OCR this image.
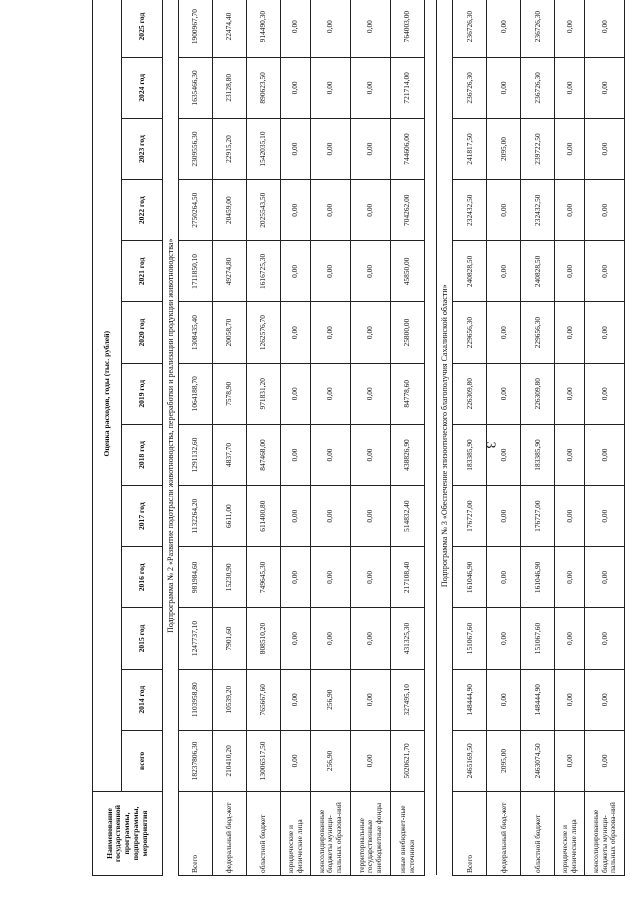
3
Наименование государственной программы, подпрограммы, мероприятия	Оценка расходов, годы (тыс. рублей)												
	всего	2014 год	2015 год	2016 год	2017 год	2018 год	2019 год	2020 год	2021 год	2022 год	2023 год	2024 год	2025 год
Подпрограмма № 2 «Развитие подотрасли животноводства, переработки и реализации продукции животноводства»													
Всего	18237806,30	1103958,80	1247737,10	981984,60	1132264,20	1291132,60	1064188,70	1308435,40	1711850,10	2750264,50	2309556,30	1635466,30	1900967,70
федеральный бюд-жет	210410,20	10539,20	7901,60	15230,90	6611,00	4837,70	7578,90	20058,70	49274,80	20459,00	22915,20	23128,80	22474,40
областной бюджет	13006517,50	765667,60	808510,20	749645,30	611400,80	847468,00	971831,20	1262576,70	1616725,30	2025543,50	1542035,10	890623,50	914490,30
юридические и физические лица	0,00	0,00	0,00	0,00	0,00	0,00	0,00	0,00	0,00	0,00	0,00	0,00	0,00
консолидированные бюджеты муници-пальных образова-ний	256,90	256,90	0,00	0,00	0,00	0,00	0,00	0,00	0,00	0,00	0,00	0,00	0,00
территориальные государственные внебюджетные фонды	0,00	0,00	0,00	0,00	0,00	0,00	0,00	0,00	0,00	0,00	0,00	0,00	0,00
иные внебюджет-ные источники	5020621,70	327495,10	431325,30	217108,40	514832,40	438826,90	84778,60	25800,00	45850,00	704262,00	744606,00	721714,00	764003,00

Подпрограмма № 3 «Обеспечение эпизоотического благополучия Сахалинской области»													
Всего	2465169,50	148444,90	151067,60	161046,90	176727,00	183385,90	226309,80	229656,30	240828,50	232432,50	241817,50	236726,30	236726,30
федеральный бюд-жет	2095,00	0,00	0,00	0,00	0,00	0,00	0,00	0,00	0,00	0,00	2095,00	0,00	0,00
областной бюджет	2463074,50	148444,90	151067,60	161046,90	176727,00	183385,90	226309,80	229656,30	240828,50	232432,50	239722,50	236726,30	236726,30
юридические и физические лица	0,00	0,00	0,00	0,00	0,00	0,00	0,00	0,00	0,00	0,00	0,00	0,00	0,00
консолидированные бюджеты муници-пальных образова-ний	0,00	0,00	0,00	0,00	0,00	0,00	0,00	0,00	0,00	0,00	0,00	0,00	0,00
